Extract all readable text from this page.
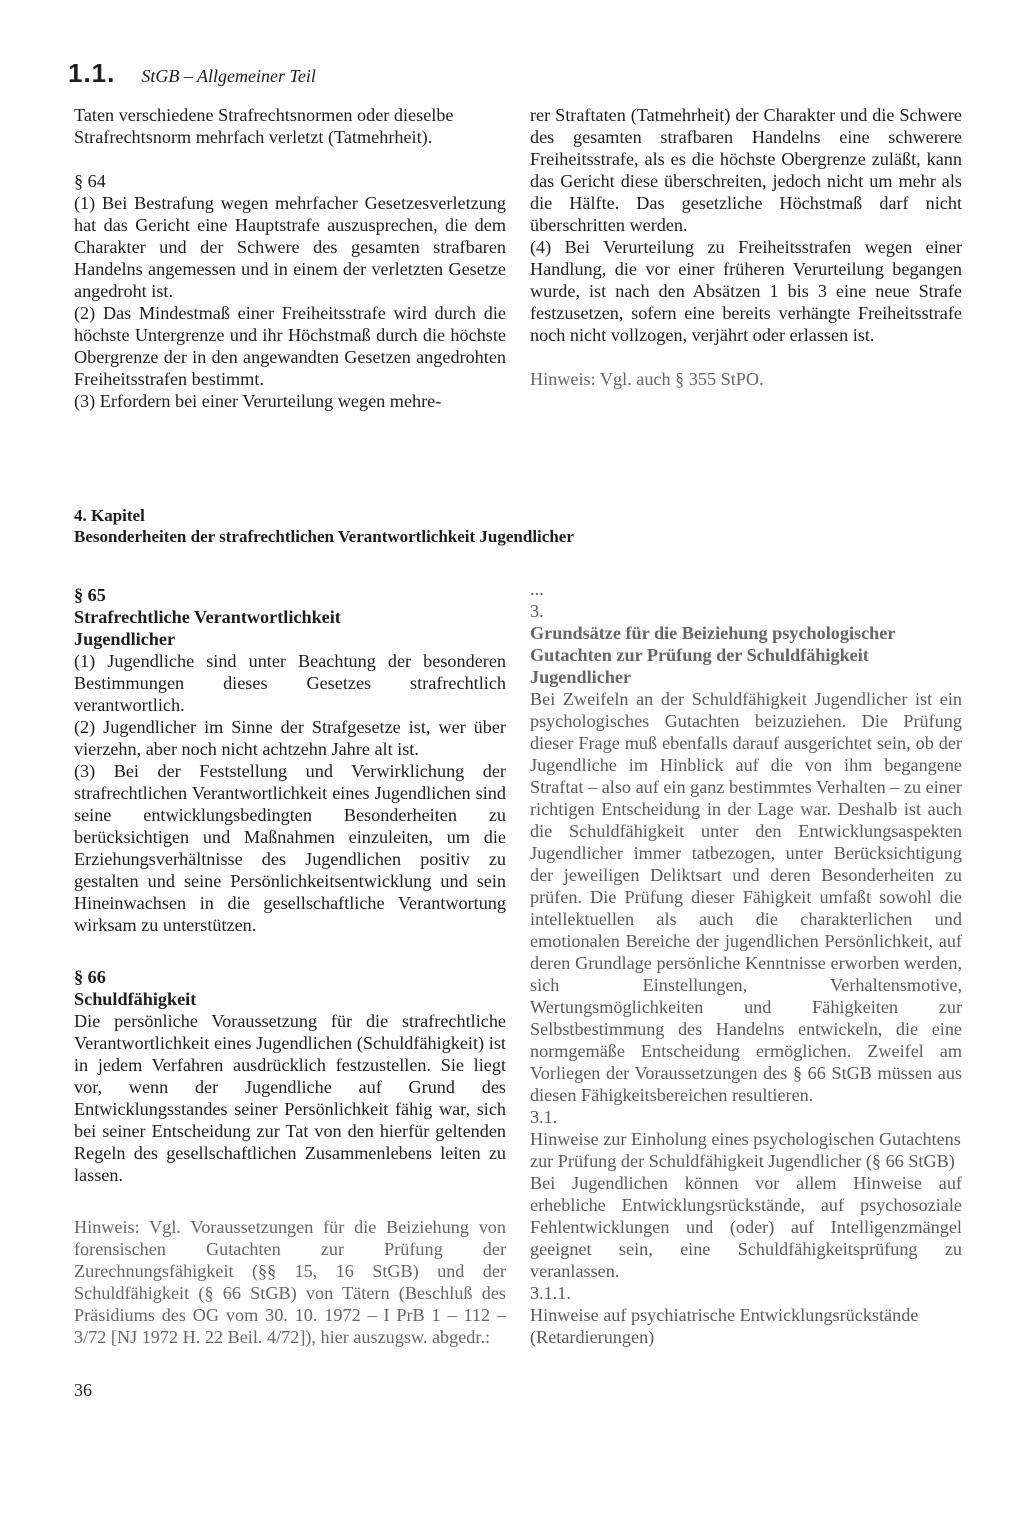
1.1. StGB – Allgemeiner Teil

Taten verschiedene Strafrechtsnormen oder dieselbe Strafrechtsnorm mehrfach verletzt (Tatmehrheit).

§ 64

(1) Bei Bestrafung wegen mehrfacher Gesetzesverletzung hat das Gericht eine Hauptstrafe auszusprechen, die dem Charakter und der Schwere des gesamten strafbaren Handelns angemessen und in einem der verletzten Gesetze angedroht ist.

(2) Das Mindestmaß einer Freiheitsstrafe wird durch die höchste Untergrenze und ihr Höchstmaß durch die höchste Obergrenze der in den angewandten Gesetzen angedrohten Freiheitsstrafen bestimmt.

(3) Erfordern bei einer Verurteilung wegen mehre-

rer Straftaten (Tatmehrheit) der Charakter und die Schwere des gesamten strafbaren Handelns eine schwerere Freiheitsstrafe, als es die höchste Obergrenze zuläßt, kann das Gericht diese überschreiten, jedoch nicht um mehr als die Hälfte. Das gesetzliche Höchstmaß darf nicht überschritten werden.

(4) Bei Verurteilung zu Freiheitsstrafen wegen einer Handlung, die vor einer früheren Verurteilung begangen wurde, ist nach den Absätzen 1 bis 3 eine neue Strafe festzusetzen, sofern eine bereits verhängte Freiheitsstrafe noch nicht vollzogen, verjährt oder erlassen ist.

Hinweis: Vgl. auch § 355 StPO.

4. Kapitel
Besonderheiten der strafrechtlichen Verantwortlichkeit Jugendlicher

§ 65

Strafrechtliche Verantwortlichkeit

Jugendlicher

(1) Jugendliche sind unter Beachtung der besonderen Bestimmungen dieses Gesetzes strafrechtlich verantwortlich.

(2) Jugendlicher im Sinne der Strafgesetze ist, wer über vierzehn, aber noch nicht achtzehn Jahre alt ist.

(3) Bei der Feststellung und Verwirklichung der strafrechtlichen Verantwortlichkeit eines Jugendlichen sind seine entwicklungsbedingten Besonderheiten zu berücksichtigen und Maßnahmen einzuleiten, um die Erziehungsverhältnisse des Jugendlichen positiv zu gestalten und seine Persönlichkeitsentwicklung und sein Hineinwachsen in die gesellschaftliche Verantwortung wirksam zu unterstützen.

§ 66

Schuldfähigkeit

Die persönliche Voraussetzung für die strafrechtliche Verantwortlichkeit eines Jugendlichen (Schuldfähigkeit) ist in jedem Verfahren ausdrücklich festzustellen. Sie liegt vor, wenn der Jugendliche auf Grund des Entwicklungsstandes seiner Persönlichkeit fähig war, sich bei seiner Entscheidung zur Tat von den hierfür geltenden Regeln des gesellschaftlichen Zusammenlebens leiten zu lassen.

Hinweis: Vgl. Voraussetzungen für die Beiziehung von forensischen Gutachten zur Prüfung der Zurechnungsfähigkeit (§§ 15, 16 StGB) und der Schuldfähigkeit (§ 66 StGB) von Tätern (Beschluß des Präsidiums des OG vom 30. 10. 1972 – I PrB 1 – 112 – 3/72 [NJ 1972 H. 22 Beil. 4/72]), hier auszugsw. abgedr.:

...

3.

Grundsätze für die Beiziehung psychologischer Gutachten zur Prüfung der Schuldfähigkeit Jugendlicher

Bei Zweifeln an der Schuldfähigkeit Jugendlicher ist ein psychologisches Gutachten beizuziehen. Die Prüfung dieser Frage muß ebenfalls darauf ausgerichtet sein, ob der Jugendliche im Hinblick auf die von ihm begangene Straftat – also auf ein ganz bestimmtes Verhalten – zu einer richtigen Entscheidung in der Lage war. Deshalb ist auch die Schuldfähigkeit unter den Entwicklungsaspekten Jugendlicher immer tatbezogen, unter Berücksichtigung der jeweiligen Deliktsart und deren Besonderheiten zu prüfen. Die Prüfung dieser Fähigkeit umfaßt sowohl die intellektuellen als auch die charakterlichen und emotionalen Bereiche der jugendlichen Persönlichkeit, auf deren Grundlage persönliche Kenntnisse erworben werden, sich Einstellungen, Verhaltensmotive, Wertungsmöglichkeiten und Fähigkeiten zur Selbstbestimmung des Handelns entwickeln, die eine normgemäße Entscheidung ermöglichen. Zweifel am Vorliegen der Voraussetzungen des § 66 StGB müssen aus diesen Fähigkeitsbereichen resultieren.

3.1.

Hinweise zur Einholung eines psychologischen Gutachtens zur Prüfung der Schuldfähigkeit Jugendlicher (§ 66 StGB)

Bei Jugendlichen können vor allem Hinweise auf erhebliche Entwicklungsrückstände, auf psychosoziale Fehlentwicklungen und (oder) auf Intelligenzmängel geeignet sein, eine Schuldfähigkeitsprüfung zu veranlassen.

3.1.1.

Hinweise auf psychiatrische Entwicklungsrückstände (Retardierungen)

36
